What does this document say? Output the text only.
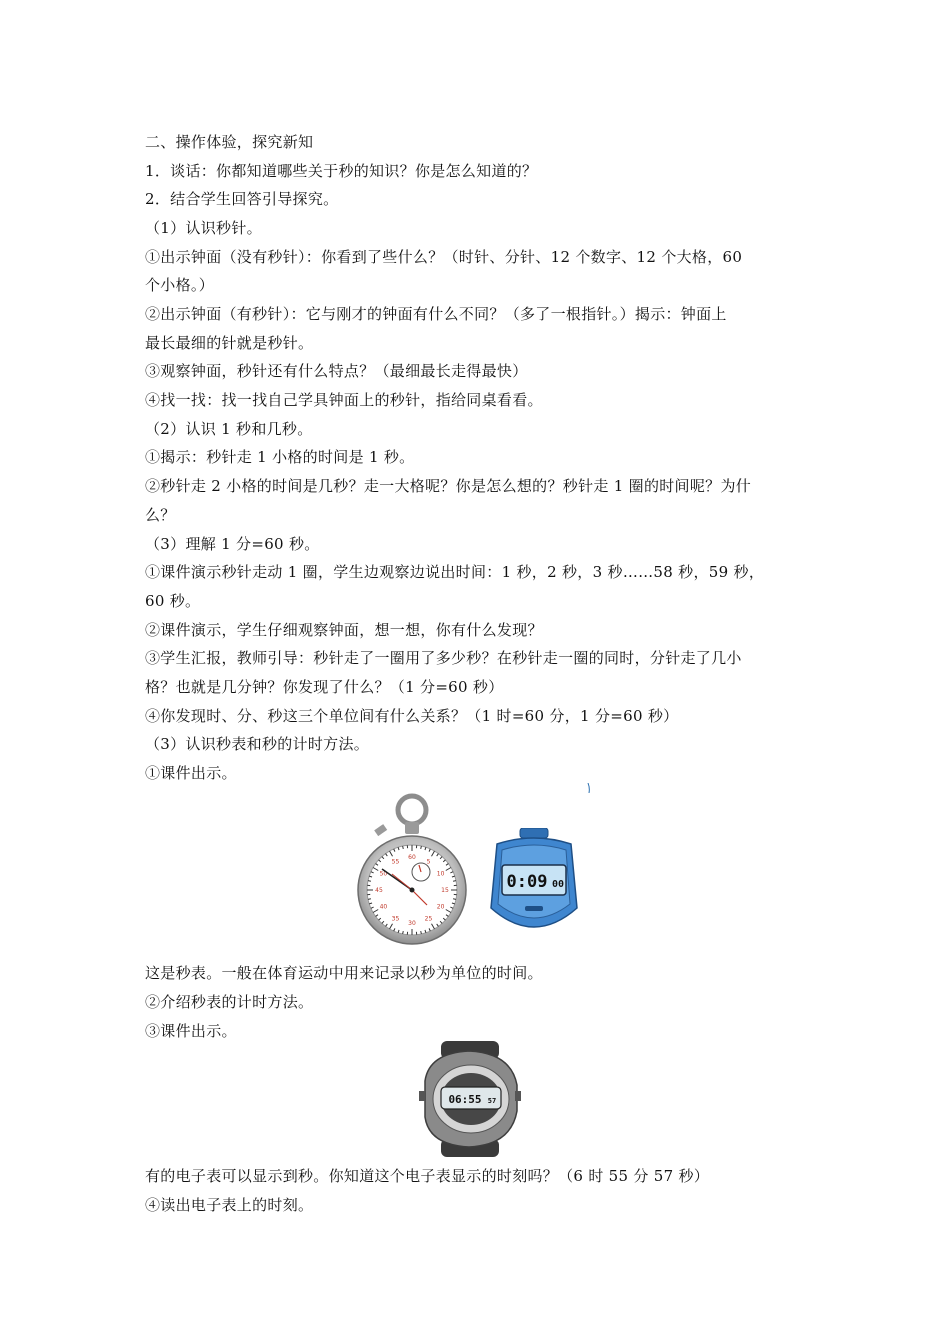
二、操作体验，探究新知
1．谈话：你都知道哪些关于秒的知识？你是怎么知道的？
2．结合学生回答引导探究。
（1）认识秒针。
①出示钟面（没有秒针）：你看到了些什么？（时针、分针、12 个数字、12 个大格，60
个小格。）
②出示钟面（有秒针）：它与刚才的钟面有什么不同？（多了一根指针。）揭示：钟面上
最长最细的针就是秒针。
③观察钟面，秒针还有什么特点？（最细最长走得最快）
④找一找：找一找自己学具钟面上的秒针，指给同桌看看。
（2）认识 1 秒和几秒。
①揭示：秒针走 1 小格的时间是 1 秒。
②秒针走 2 小格的时间是几秒？走一大格呢？你是怎么想的？秒针走 1 圈的时间呢？为什
么？
（3）理解 1 分=60 秒。
①课件演示秒针走动 1 圈，学生边观察边说出时间：1 秒，2 秒，3 秒……58 秒，59 秒，
60 秒。
②课件演示，学生仔细观察钟面，想一想，你有什么发现？
③学生汇报，教师引导：秒针走了一圈用了多少秒？在秒针走一圈的同时，分针走了几小
格？也就是几分钟？你发现了什么？（1 分=60 秒）
④你发现时、分、秒这三个单位间有什么关系？（1 时=60 分，1 分=60 秒）
（3）认识秒表和秒的计时方法。
①课件出示。
60
5
10
15
20
25
30
35
40
45
50
55
0:09 00
这是秒表。一般在体育运动中用来记录以秒为单位的时间。
②介绍秒表的计时方法。
③课件出示。
06:55 57
有的电子表可以显示到秒。你知道这个电子表显示的时刻吗？（6 时 55 分 57 秒）
④读出电子表上的时刻。
